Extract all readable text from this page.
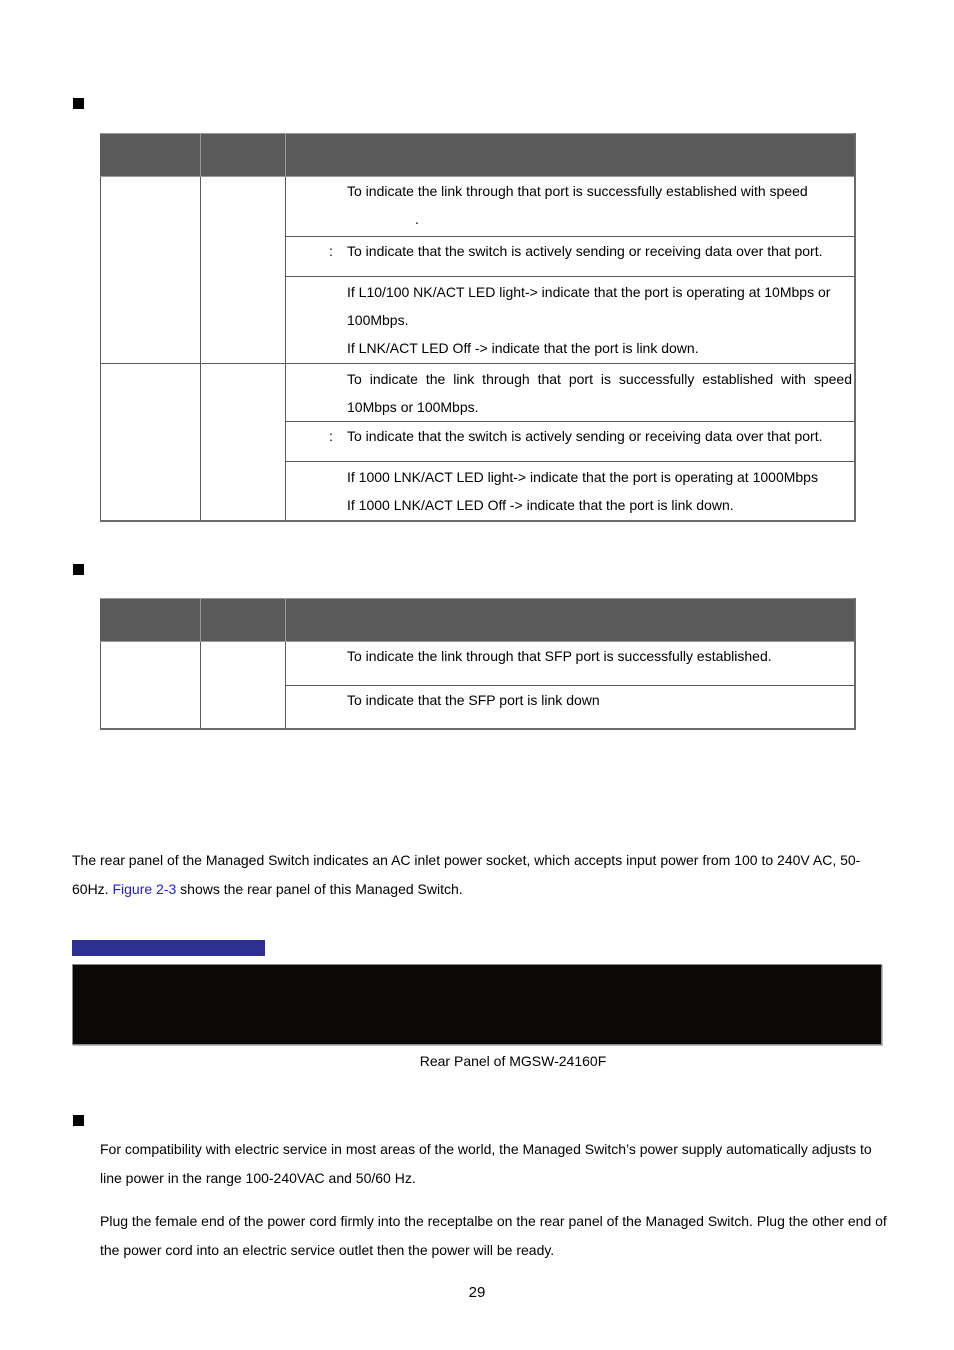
		To indicate the link through that port is successfully established with speed
.

		: To indicate that the switch is actively sending or receiving data over that port.

		If L10/100 NK/ACT LED light-> indicate that the port is operating at 10Mbps or
100Mbps.
If LNK/ACT LED Off -> indicate that the port is link down.

		To indicate the link through that port is successfully established with speed 10Mbps or 100Mbps.

		: To indicate that the switch is actively sending or receiving data over that port.

		If 1000 LNK/ACT LED light-> indicate that the port is operating at 1000Mbps
If 1000 LNK/ACT LED Off -> indicate that the port is link down.

		To indicate the link through that SFP port is successfully established.

		To indicate that the SFP port is link down

The rear panel of the Managed Switch indicates an AC inlet power socket, which accepts input power from 100 to 240V AC, 50-60Hz. Figure 2-3 shows the rear panel of this Managed Switch.

Rear Panel of MGSW-24160F

For compatibility with electric service in most areas of the world, the Managed Switch’s power supply automatically adjusts to line power in the range 100-240VAC and 50/60 Hz.

Plug the female end of the power cord firmly into the receptalbe on the rear panel of the Managed Switch. Plug the other end of the power cord into an electric service outlet then the power will be ready.

29
